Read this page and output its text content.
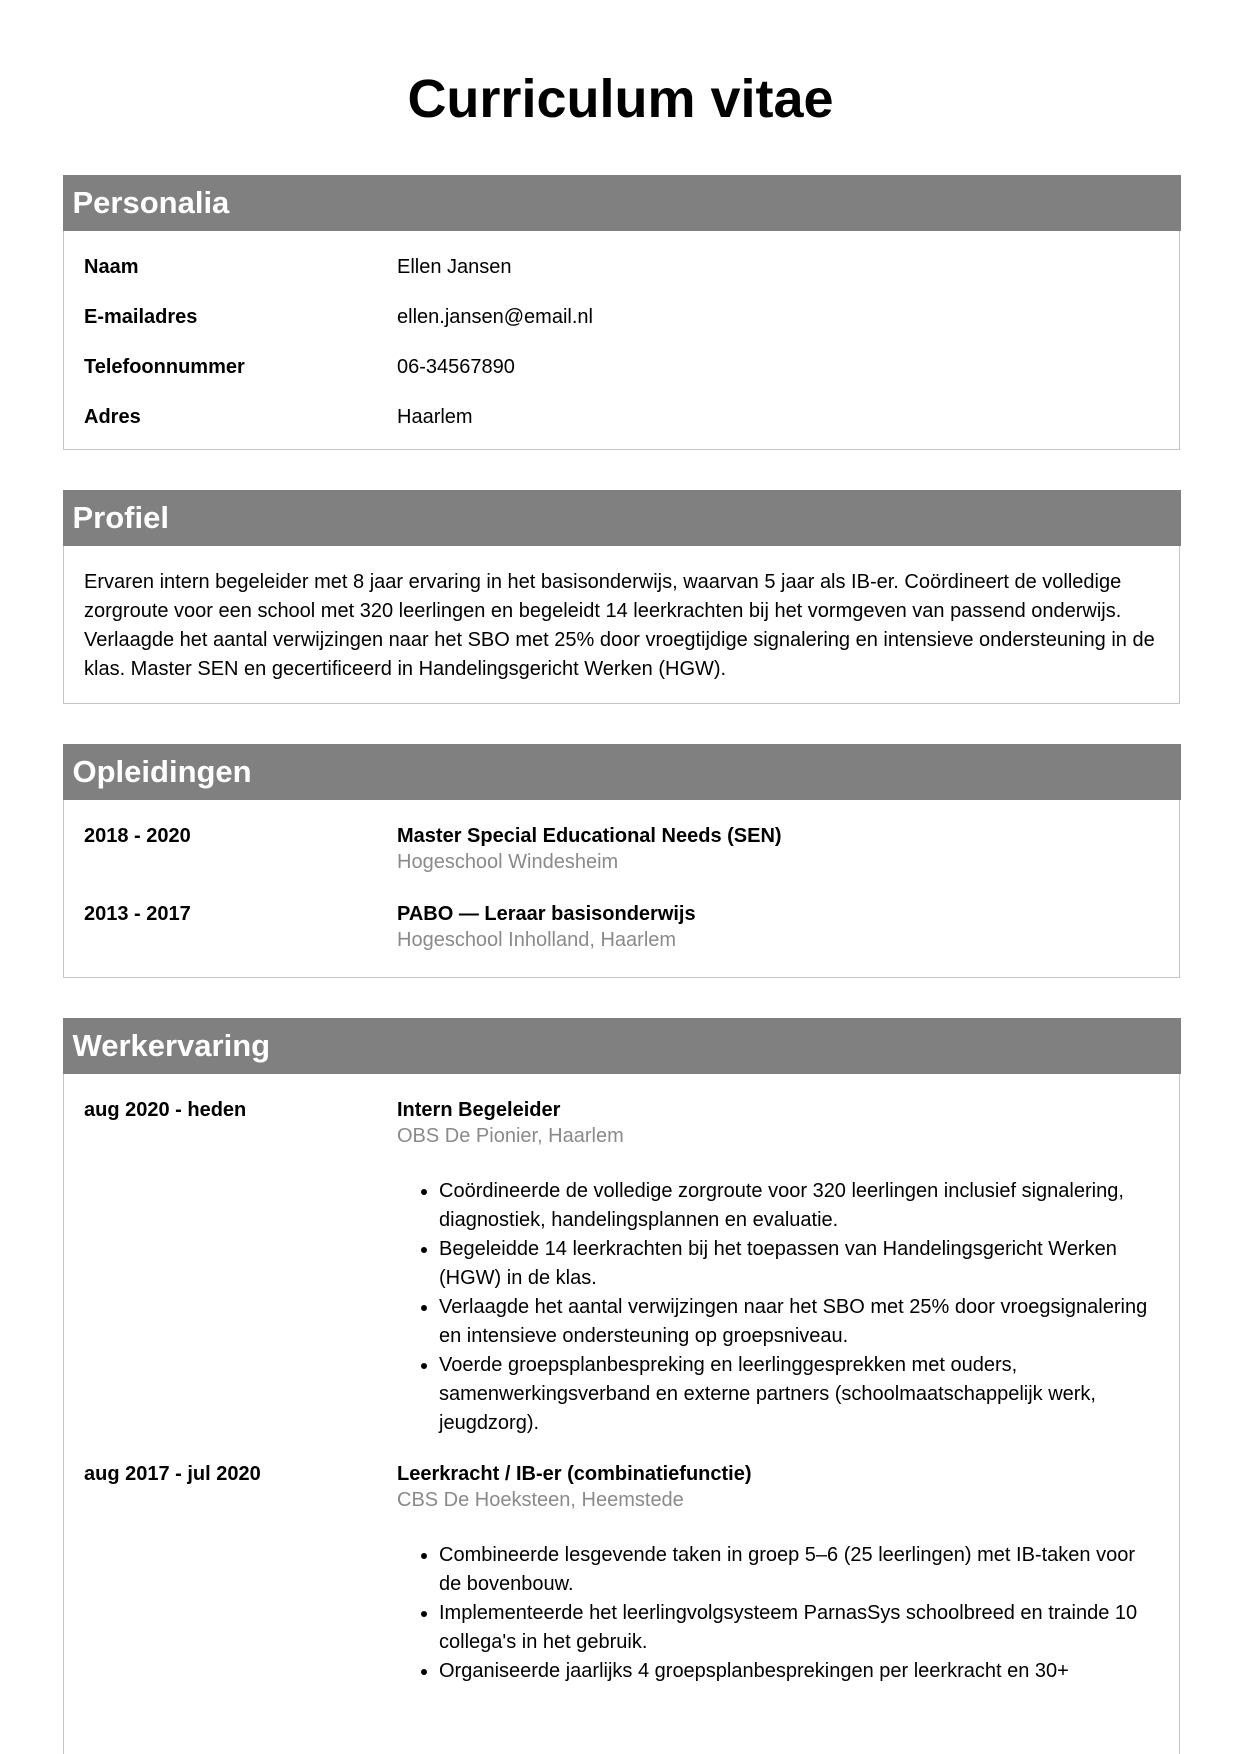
Curriculum vitae
Personalia
Naam	Ellen Jansen
E-mailadres	ellen.jansen@email.nl
Telefoonnummer	06-34567890
Adres	Haarlem
Profiel
Ervaren intern begeleider met 8 jaar ervaring in het basisonderwijs, waarvan 5 jaar als IB-er. Coördineert de volledige zorgroute voor een school met 320 leerlingen en begeleidt 14 leerkrachten bij het vormgeven van passend onderwijs. Verlaagde het aantal verwijzingen naar het SBO met 25% door vroegtijdige signalering en intensieve ondersteuning in de klas. Master SEN en gecertificeerd in Handelingsgericht Werken (HGW).
Opleidingen
2018 - 2020	Master Special Educational Needs (SEN)
Hogeschool Windesheim
2013 - 2017	PABO — Leraar basisonderwijs
Hogeschool Inholland, Haarlem
Werkervaring
aug 2020 - heden	Intern Begeleider
OBS De Pionier, Haarlem
• Coördineerde de volledige zorgroute voor 320 leerlingen inclusief signalering, diagnostiek, handelingsplannen en evaluatie.
• Begeleidde 14 leerkrachten bij het toepassen van Handelingsgericht Werken (HGW) in de klas.
• Verlaagde het aantal verwijzingen naar het SBO met 25% door vroegsignalering en intensieve ondersteuning op groepsniveau.
• Voerde groepsplanbespreking en leerlinggesprekken met ouders, samenwerkingsverband en externe partners (schoolmaatschappelijk werk, jeugdzorg).
aug 2017 - jul 2020	Leerkracht / IB-er (combinatiefunctie)
CBS De Hoeksteen, Heemstede
• Combineerde lesgevende taken in groep 5–6 (25 leerlingen) met IB-taken voor de bovenbouw.
• Implementeerde het leerlingvolgsysteem ParnasSys schoolbreed en trainde 10 collega's in het gebruik.
• Organiseerde jaarlijks 4 groepsplanbesprekingen per leerkracht en 30+
